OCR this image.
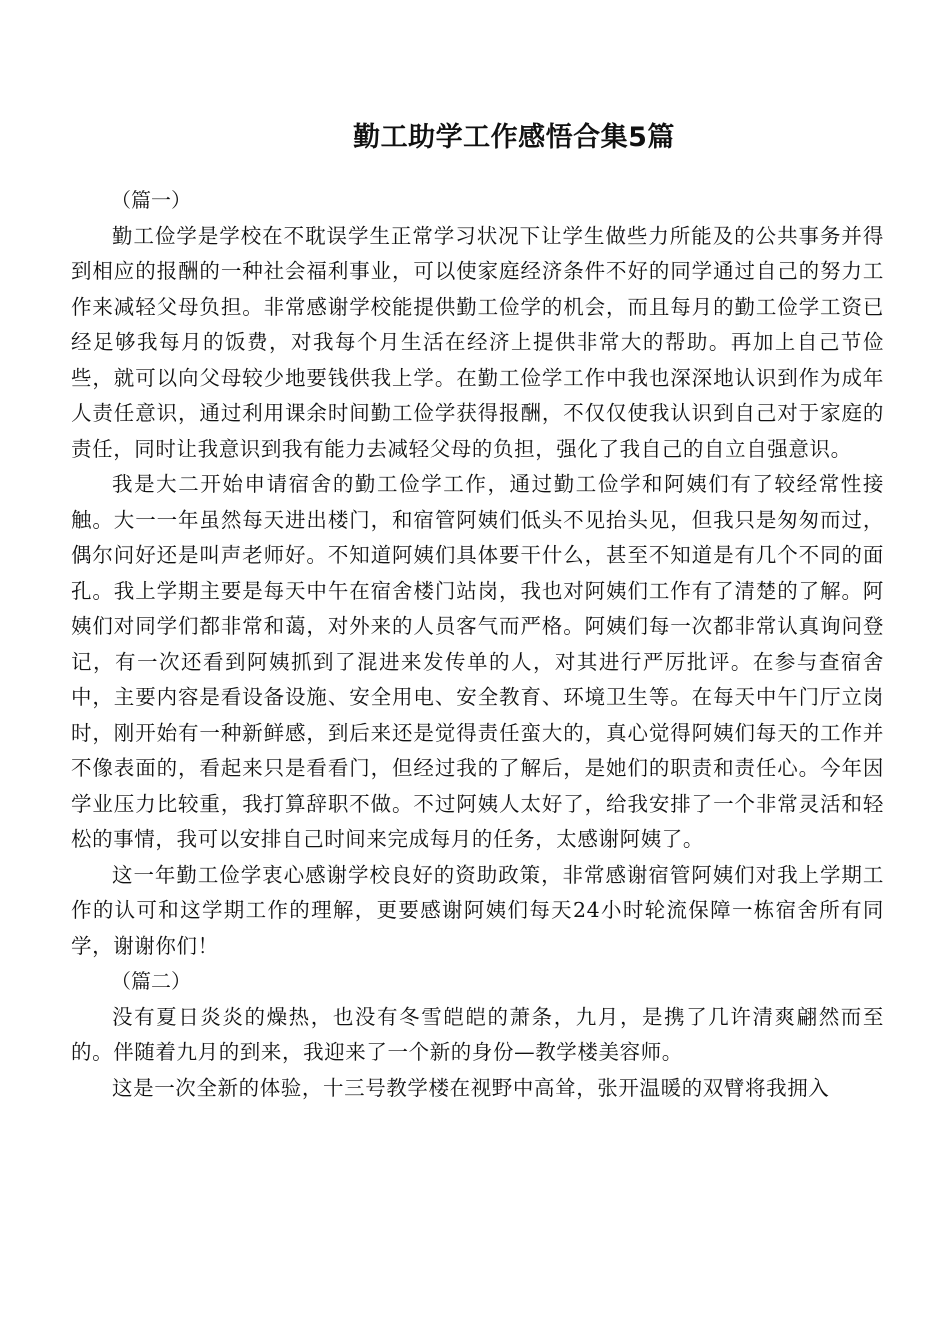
勤工助学工作感悟合集5篇

（篇一）

勤工俭学是学校在不耽误学生正常学习状况下让学生做些力所能及的公共事务并得到相应的报酬的一种社会福利事业，可以使家庭经济条件不好的同学通过自己的努力工作来减轻父母负担。非常感谢学校能提供勤工俭学的机会，而且每月的勤工俭学工资已经足够我每月的饭费，对我每个月生活在经济上提供非常大的帮助。再加上自己节俭些，就可以向父母较少地要钱供我上学。在勤工俭学工作中我也深深地认识到作为成年人责任意识，通过利用课余时间勤工俭学获得报酬，不仅仅使我认识到自己对于家庭的责任，同时让我意识到我有能力去减轻父母的负担，强化了我自己的自立自强意识。

我是大二开始申请宿舍的勤工俭学工作，通过勤工俭学和阿姨们有了较经常性接触。大一一年虽然每天进出楼门，和宿管阿姨们低头不见抬头见，但我只是匆匆而过，偶尔问好还是叫声老师好。不知道阿姨们具体要干什么，甚至不知道是有几个不同的面孔。我上学期主要是每天中午在宿舍楼门站岗，我也对阿姨们工作有了清楚的了解。阿姨们对同学们都非常和蔼，对外来的人员客气而严格。阿姨们每一次都非常认真询问登记，有一次还看到阿姨抓到了混进来发传单的人，对其进行严厉批评。在参与查宿舍中，主要内容是看设备设施、安全用电、安全教育、环境卫生等。在每天中午门厅立岗时，刚开始有一种新鲜感，到后来还是觉得责任蛮大的，真心觉得阿姨们每天的工作并不像表面的，看起来只是看看门，但经过我的了解后，是她们的职责和责任心。今年因学业压力比较重，我打算辞职不做。不过阿姨人太好了，给我安排了一个非常灵活和轻松的事情，我可以安排自己时间来完成每月的任务，太感谢阿姨了。

这一年勤工俭学衷心感谢学校良好的资助政策，非常感谢宿管阿姨们对我上学期工作的认可和这学期工作的理解，更要感谢阿姨们每天24小时轮流保障一栋宿舍所有同学，谢谢你们！

（篇二）

没有夏日炎炎的燥热，也没有冬雪皑皑的萧条，九月，是携了几许清爽翩然而至的。伴随着九月的到来，我迎来了一个新的身份—教学楼美容师。

这是一次全新的体验，十三号教学楼在视野中高耸，张开温暖的双臂将我拥入
